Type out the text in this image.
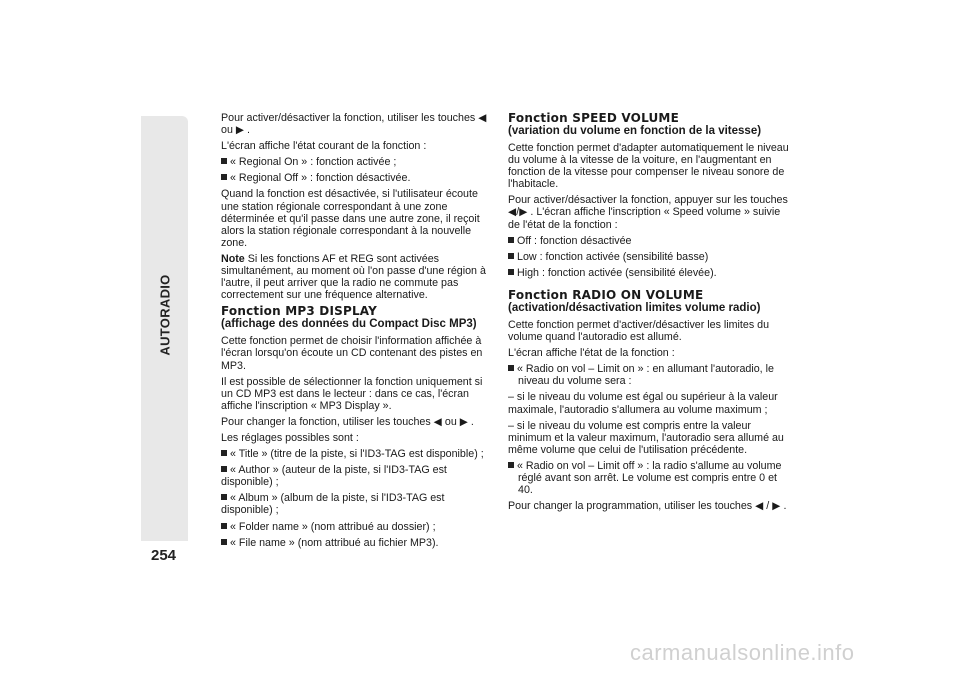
AUTORADIO
254

Pour activer/désactiver la fonction, utiliser les touches ◀ ou ▶ .

L'écran affiche l'état courant de la fonction :

« Regional On » : fonction activée ;

« Regional Off » : fonction désactivée.

Quand la fonction est désactivée, si l'utilisateur écoute une station régionale correspondant à une zone déterminée et qu'il passe dans une autre zone, il reçoit alors la station régionale correspondant à la nouvelle zone.

Note Si les fonctions AF et REG sont activées simultanément, au moment où l'on passe d'une région à l'autre, il peut arriver que la radio ne commute pas correctement sur une fréquence alternative.

Fonction MP3 DISPLAY

(affichage des données du Compact Disc MP3)

Cette fonction permet de choisir l'information affichée à l'écran lorsqu'on écoute un CD contenant des pistes en MP3.

Il est possible de sélectionner la fonction uniquement si un CD MP3 est dans le lecteur : dans ce cas, l'écran affiche l'inscription « MP3 Display ».

Pour changer la fonction, utiliser les touches ◀ ou ▶ .

Les réglages possibles sont :

« Title » (titre de la piste, si l'ID3-TAG est disponible) ;

« Author » (auteur de la piste, si l'ID3-TAG est disponible) ;

« Album » (album de la piste, si l'ID3-TAG est disponible) ;

« Folder name » (nom attribué au dossier) ;

« File name » (nom attribué au fichier MP3).

Fonction SPEED VOLUME

(variation du volume en fonction de la vitesse)

Cette fonction permet d'adapter automatiquement le niveau du volume à la vitesse de la voiture, en l'augmentant en fonction de la vitesse pour compenser le niveau sonore de l'habitacle.

Pour activer/désactiver la fonction, appuyer sur les touches ◀/▶ . L'écran affiche l'inscription « Speed volume » suivie de l'état de la fonction :

Off : fonction désactivée

Low : fonction activée (sensibilité basse)

High : fonction activée (sensibilité élevée).

Fonction RADIO ON VOLUME

(activation/désactivation limites volume radio)

Cette fonction permet d'activer/désactiver les limites du volume quand l'autoradio est allumé.

L'écran affiche l'état de la fonction :

« Radio on vol – Limit on » : en allumant l'autoradio, le niveau du volume sera :

– si le niveau du volume est égal ou supérieur à la valeur maximale, l'autoradio s'allumera au volume maximum ;

– si le niveau du volume est compris entre la valeur minimum et la valeur maximum, l'autoradio sera allumé au même volume que celui de l'utilisation précédente.

« Radio on vol – Limit off » : la radio s'allume au volume réglé avant son arrêt. Le volume est compris entre 0 et 40.

Pour changer la programmation, utiliser les touches ◀ / ▶ .

carmanualsonline.info
